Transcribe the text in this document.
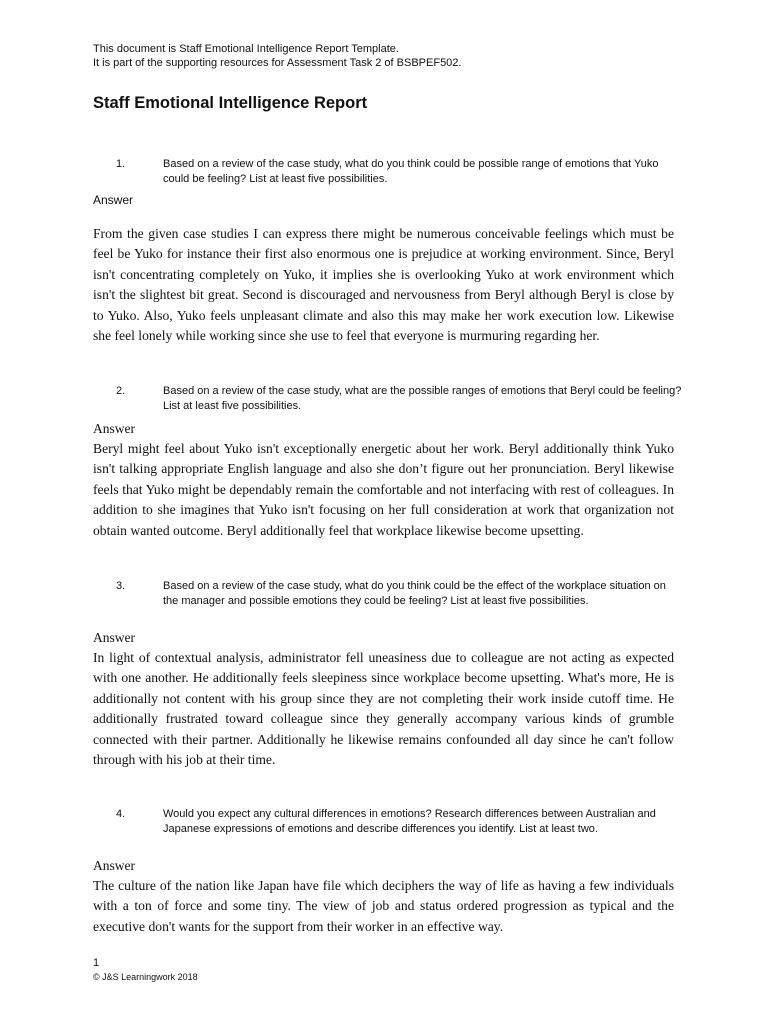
This document is Staff Emotional Intelligence Report Template.
It is part of the supporting resources for Assessment Task 2 of BSBPEF502.
Staff Emotional Intelligence Report
1.	Based on a review of the case study, what do you think could be possible range of emotions that Yuko could be feeling? List at least five possibilities.
Answer

From the given case studies I can express there might be numerous conceivable feelings which must be feel be Yuko for instance their first also enormous one is prejudice at working environment. Since, Beryl isn't concentrating completely on Yuko, it implies she is overlooking Yuko at work environment which isn't the slightest bit great. Second is discouraged and nervousness from Beryl although Beryl is close by to Yuko. Also, Yuko feels unpleasant climate and also this may make her work execution low. Likewise she feel lonely while working since she use to feel that everyone is murmuring regarding her.

2.	Based on a review of the case study, what are the possible ranges of emotions that Beryl could be feeling? List at least five possibilities.
Answer

Beryl might feel about Yuko isn't exceptionally energetic about her work. Beryl additionally think Yuko isn't talking appropriate English language and also she don’t figure out her pronunciation. Beryl likewise feels that Yuko might be dependably remain the comfortable and not interfacing with rest of colleagues. In addition to she imagines that Yuko isn't focusing on her full consideration at work that organization not obtain wanted outcome. Beryl additionally feel that workplace likewise become upsetting.

3.	Based on a review of the case study, what do you think could be the effect of the workplace situation on the manager and possible emotions they could be feeling? List at least five possibilities.
Answer

In light of contextual analysis, administrator fell uneasiness due to colleague are not acting as expected with one another. He additionally feels sleepiness since workplace become upsetting. What's more, He is additionally not content with his group since they are not completing their work inside cutoff time. He additionally frustrated toward colleague since they generally accompany various kinds of grumble connected with their partner. Additionally he likewise remains confounded all day since he can't follow through with his job at their time.

4.	Would you expect any cultural differences in emotions? Research differences between Australian and Japanese expressions of emotions and describe differences you identify. List at least two.
Answer

The culture of the nation like Japan have file which deciphers the way of life as having a few individuals with a ton of force and some tiny. The view of job and status ordered progression as typical and the executive don't wants for the support from their worker in an effective way.

1
© J&S Learningwork 2018
